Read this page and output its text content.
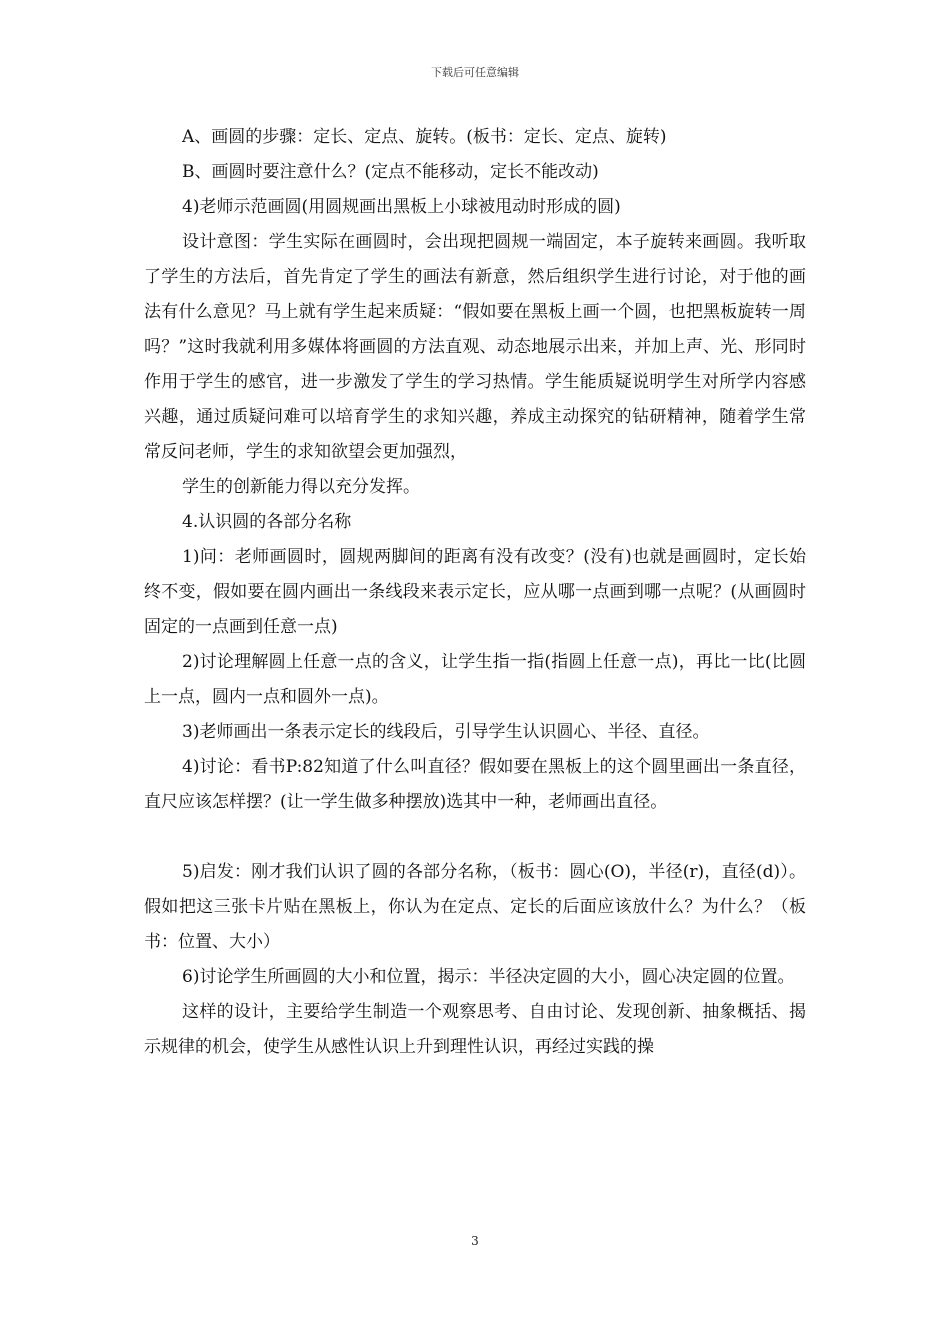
下载后可任意编辑

A、画圆的步骤：定长、定点、旋转。(板书：定长、定点、旋转)

B、画圆时要注意什么？(定点不能移动，定长不能改动)

4)老师示范画圆(用圆规画出黑板上小球被甩动时形成的圆)

设计意图：学生实际在画圆时，会出现把圆规一端固定，本子旋转来画圆。我听取了学生的方法后，首先肯定了学生的画法有新意，然后组织学生进行讨论，对于他的画法有什么意见？马上就有学生起来质疑：“假如要在黑板上画一个圆，也把黑板旋转一周吗？”这时我就利用多媒体将画圆的方法直观、动态地展示出来，并加上声、光、形同时作用于学生的感官，进一步激发了学生的学习热情。学生能质疑说明学生对所学内容感兴趣，通过质疑问难可以培育学生的求知兴趣，养成主动探究的钻研精神，随着学生常常反问老师，学生的求知欲望会更加强烈，

学生的创新能力得以充分发挥。

4.认识圆的各部分名称

1)问：老师画圆时，圆规两脚间的距离有没有改变？(没有)也就是画圆时，定长始终不变，假如要在圆内画出一条线段来表示定长，应从哪一点画到哪一点呢？(从画圆时固定的一点画到任意一点)

2)讨论理解圆上任意一点的含义，让学生指一指(指圆上任意一点)，再比一比(比圆上一点，圆内一点和圆外一点)。

3)老师画出一条表示定长的线段后，引导学生认识圆心、半径、直径。

4)讨论：看书P:82知道了什么叫直径？假如要在黑板上的这个圆里画出一条直径，直尺应该怎样摆？(让一学生做多种摆放)选其中一种，老师画出直径。

5)启发：刚才我们认识了圆的各部分名称，（板书：圆心(O)，半径(r)，直径(d)）。假如把这三张卡片贴在黑板上，你认为在定点、定长的后面应该放什么？为什么？（板书：位置、大小）

6)讨论学生所画圆的大小和位置，揭示：半径决定圆的大小，圆心决定圆的位置。

这样的设计，主要给学生制造一个观察思考、自由讨论、发现创新、抽象概括、揭示规律的机会，使学生从感性认识上升到理性认识，再经过实践的操

3
